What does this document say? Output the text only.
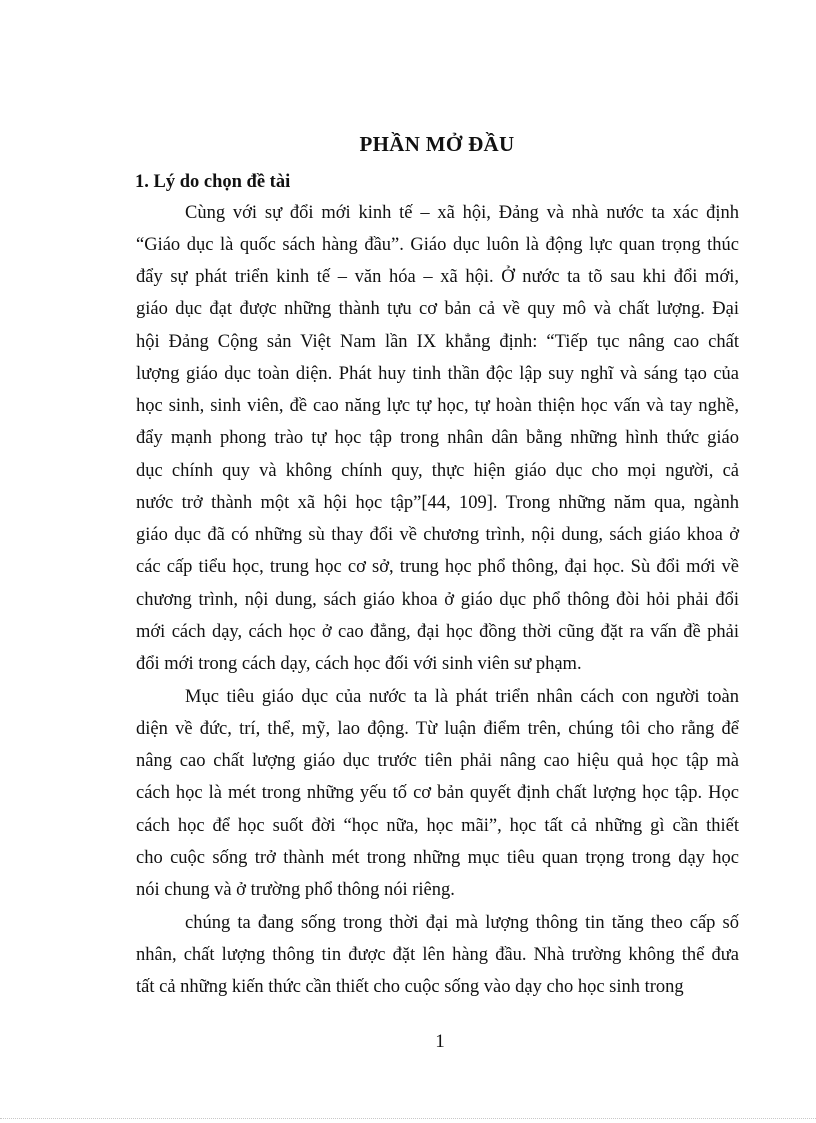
PHẦN MỞ ĐẦU
1. Lý do chọn đề tài
Cùng với sự đổi mới kinh tế – xã hội, Đảng và nhà nước ta xác định
“Giáo dục là quốc sách hàng đầu”. Giáo dục luôn là động lực quan trọng thúc
đẩy sự phát triển kinh tế – văn hóa – xã hội. Ở nước ta tõ sau khi đổi mới,
giáo dục đạt được những thành tựu cơ bản cả về quy mô và chất lượng. Đại
hội Đảng Cộng sản Việt Nam lần IX khẳng định: “Tiếp tục nâng cao chất
lượng giáo dục toàn diện. Phát huy tinh thần độc lập suy nghĩ và sáng tạo của
học sinh, sinh viên, đề cao năng lực tự học, tự hoàn thiện học vấn và tay nghề,
đẩy mạnh phong trào tự học tập trong nhân dân bằng những hình thức giáo
dục chính quy và không chính quy, thực hiện giáo dục cho mọi người, cả
nước trở thành một xã hội học tập”[44, 109]. Trong những năm qua, ngành
giáo dục đã có những sù thay đổi về chương trình, nội dung, sách giáo khoa ở
các cấp tiểu học, trung học cơ sở, trung học phổ thông, đại học. Sù đổi mới về
chương trình, nội dung, sách giáo khoa ở giáo dục phổ thông đòi hỏi phải đổi
mới cách dạy, cách học ở cao đẳng, đại học đồng thời cũng đặt ra vấn đề phải
đổi mới trong cách dạy, cách học đối với sinh viên sư phạm.
Mục tiêu giáo dục của nước ta là phát triển nhân cách con người toàn
diện về đức, trí, thể, mỹ, lao động. Từ luận điểm trên, chúng tôi cho rằng để
nâng cao chất lượng giáo dục trước tiên phải nâng cao hiệu quả học tập mà
cách học là mét trong những yếu tố cơ bản quyết định chất lượng học tập. Học
cách học để học suốt đời “học nữa, học mãi”, học tất cả những gì cần thiết
cho cuộc sống trở thành mét trong những mục tiêu quan trọng trong dạy học
nói chung và ở trường phổ thông nói riêng.
chúng ta đang sống trong thời đại mà lượng thông tin tăng theo cấp số
nhân, chất lượng thông tin được đặt lên hàng đầu. Nhà trường không thể đưa
tất cả những kiến thức cần thiết cho cuộc sống vào dạy cho học sinh trong
1
